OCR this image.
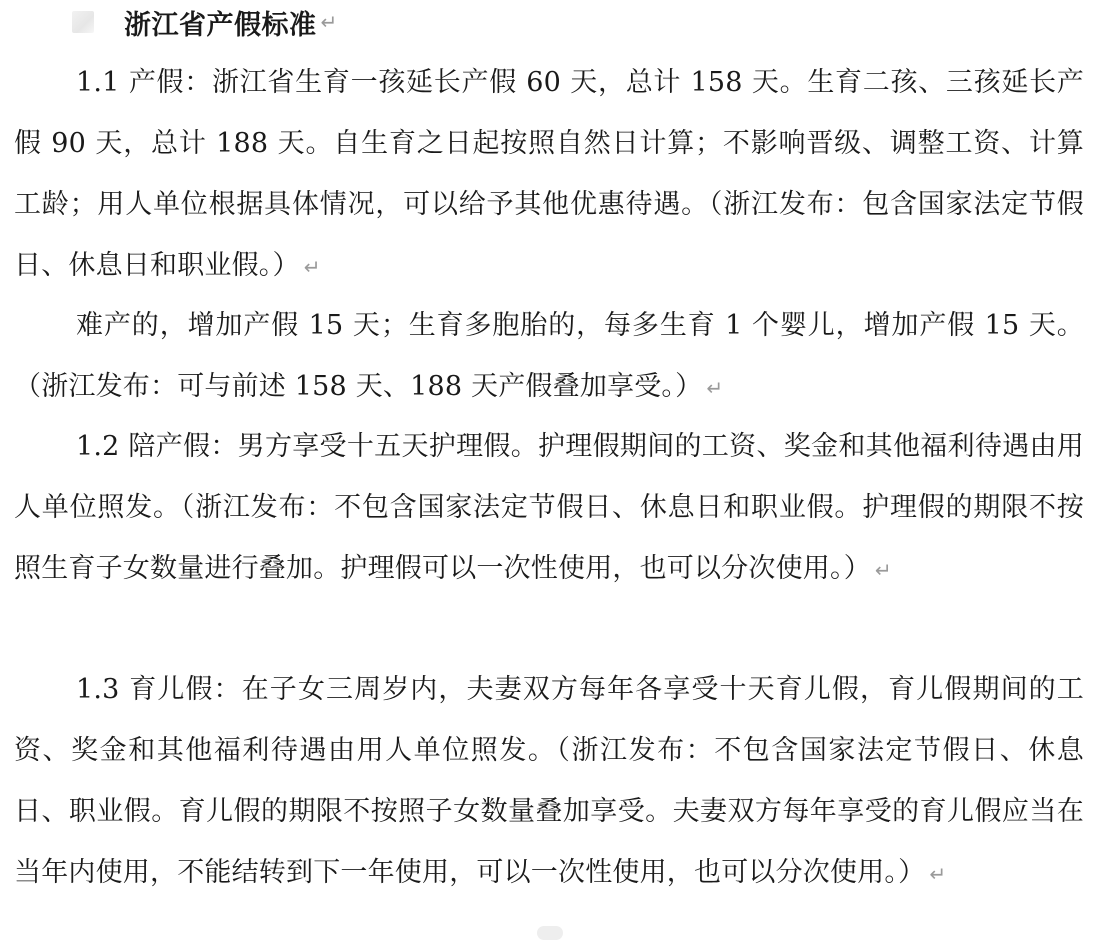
浙江省产假标准 ↵

1.1 产假：浙江省生育一孩延长产假 60 天，总计 158 天。生育二孩、三孩延长产假 90 天，总计 188 天。自生育之日起按照自然日计算；不影响晋级、调整工资、计算工龄；用人单位根据具体情况，可以给予其他优惠待遇。（浙江发布：包含国家法定节假日、休息日和职业假。） ↵

难产的，增加产假 15 天；生育多胞胎的，每多生育 1 个婴儿，增加产假 15 天。（浙江发布：可与前述 158 天、188 天产假叠加享受。） ↵

1.2 陪产假：男方享受十五天护理假。护理假期间的工资、奖金和其他福利待遇由用人单位照发。（浙江发布：不包含国家法定节假日、休息日和职业假。护理假的期限不按照生育子女数量进行叠加。护理假可以一次性使用，也可以分次使用。） ↵

1.3 育儿假：在子女三周岁内，夫妻双方每年各享受十天育儿假，育儿假期间的工资、奖金和其他福利待遇由用人单位照发。（浙江发布：不包含国家法定节假日、休息日、职业假。育儿假的期限不按照子女数量叠加享受。夫妻双方每年享受的育儿假应当在当年内使用，不能结转到下一年使用，可以一次性使用，也可以分次使用。） ↵
